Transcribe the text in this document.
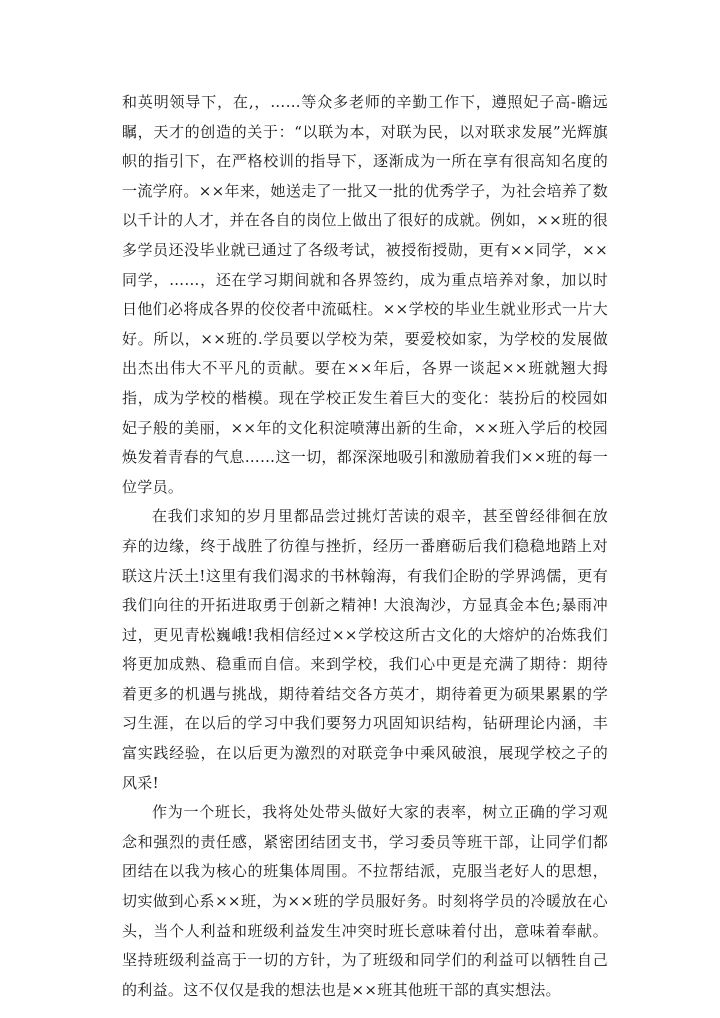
和英明领导下，在,，……等众多老师的辛勤工作下，遵照妃子高-瞻远瞩，天才的创造的关于：“以联为本，对联为民，以对联求发展”光辉旗帜的指引下，在严格校训的指导下，逐渐成为一所在享有很高知名度的一流学府。××年来，她送走了一批又一批的优秀学子，为社会培养了数以千计的人才，并在各自的岗位上做出了很好的成就。例如，××班的很多学员还没毕业就已通过了各级考试，被授衔授勋，更有××同学，××同学，……，还在学习期间就和各界签约，成为重点培养对象，加以时日他们必将成各界的佼佼者中流砥柱。××学校的毕业生就业形式一片大好。所以，××班的.学员要以学校为荣，要爱校如家，为学校的发展做出杰出伟大不平凡的贡献。要在××年后，各界一谈起××班就翘大拇指，成为学校的楷模。现在学校正发生着巨大的变化：装扮后的校园如妃子般的美丽，××年的文化积淀喷薄出新的生命，××班入学后的校园焕发着青春的气息……这一切，都深深地吸引和激励着我们××班的每一位学员。

在我们求知的岁月里都品尝过挑灯苦读的艰辛，甚至曾经徘徊在放弃的边缘，终于战胜了彷徨与挫折，经历一番磨砺后我们稳稳地踏上对联这片沃土!这里有我们渴求的书林翰海，有我们企盼的学界鸿儒，更有我们向往的开拓进取勇于创新之精神! 大浪淘沙，方显真金本色;暴雨冲过，更见青松巍峨!我相信经过××学校这所古文化的大熔炉的冶炼我们将更加成熟、稳重而自信。来到学校，我们心中更是充满了期待：期待着更多的机遇与挑战，期待着结交各方英才，期待着更为硕果累累的学习生涯，在以后的学习中我们要努力巩固知识结构，钻研理论内涵，丰富实践经验，在以后更为激烈的对联竞争中乘风破浪，展现学校之子的风采!

作为一个班长，我将处处带头做好大家的表率，树立正确的学习观念和强烈的责任感，紧密团结团支书，学习委员等班干部，让同学们都团结在以我为核心的班集体周围。不拉帮结派，克服当老好人的思想，切实做到心系××班，为××班的学员服好务。时刻将学员的冷暖放在心头，当个人利益和班级利益发生冲突时班长意味着付出，意味着奉献。坚持班级利益高于一切的方针，为了班级和同学们的利益可以牺牲自己的利益。这不仅仅是我的想法也是××班其他班干部的真实想法。
